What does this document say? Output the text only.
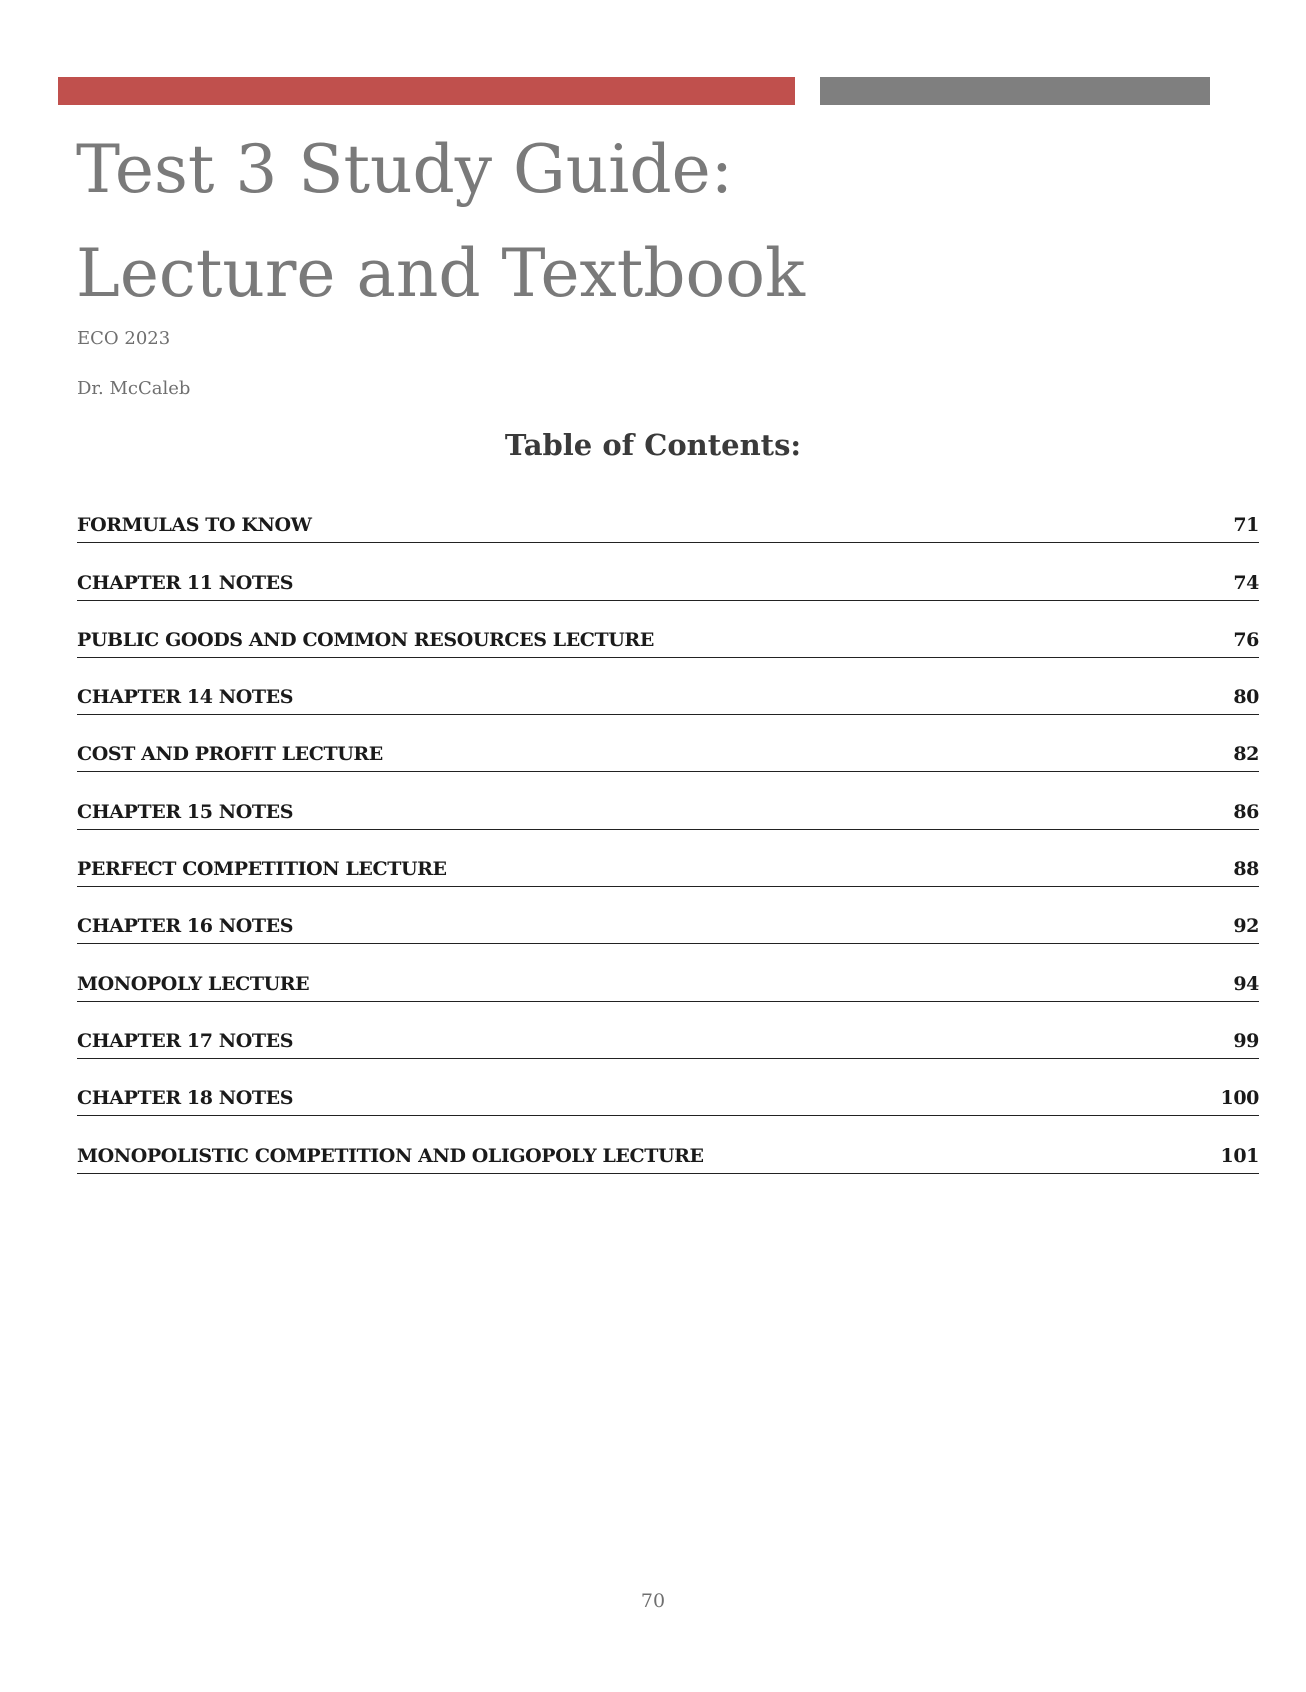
Test 3 Study Guide:
Lecture and Textbook
ECO 2023
Dr. McCaleb
Table of Contents:
FORMULAS TO KNOW	71
CHAPTER 11 NOTES	74
PUBLIC GOODS AND COMMON RESOURCES LECTURE	76
CHAPTER 14 NOTES	80
COST AND PROFIT LECTURE	82
CHAPTER 15 NOTES	86
PERFECT COMPETITION LECTURE	88
CHAPTER 16 NOTES	92
MONOPOLY LECTURE	94
CHAPTER 17 NOTES	99
CHAPTER 18 NOTES	100
MONOPOLISTIC COMPETITION AND OLIGOPOLY LECTURE	101
70
